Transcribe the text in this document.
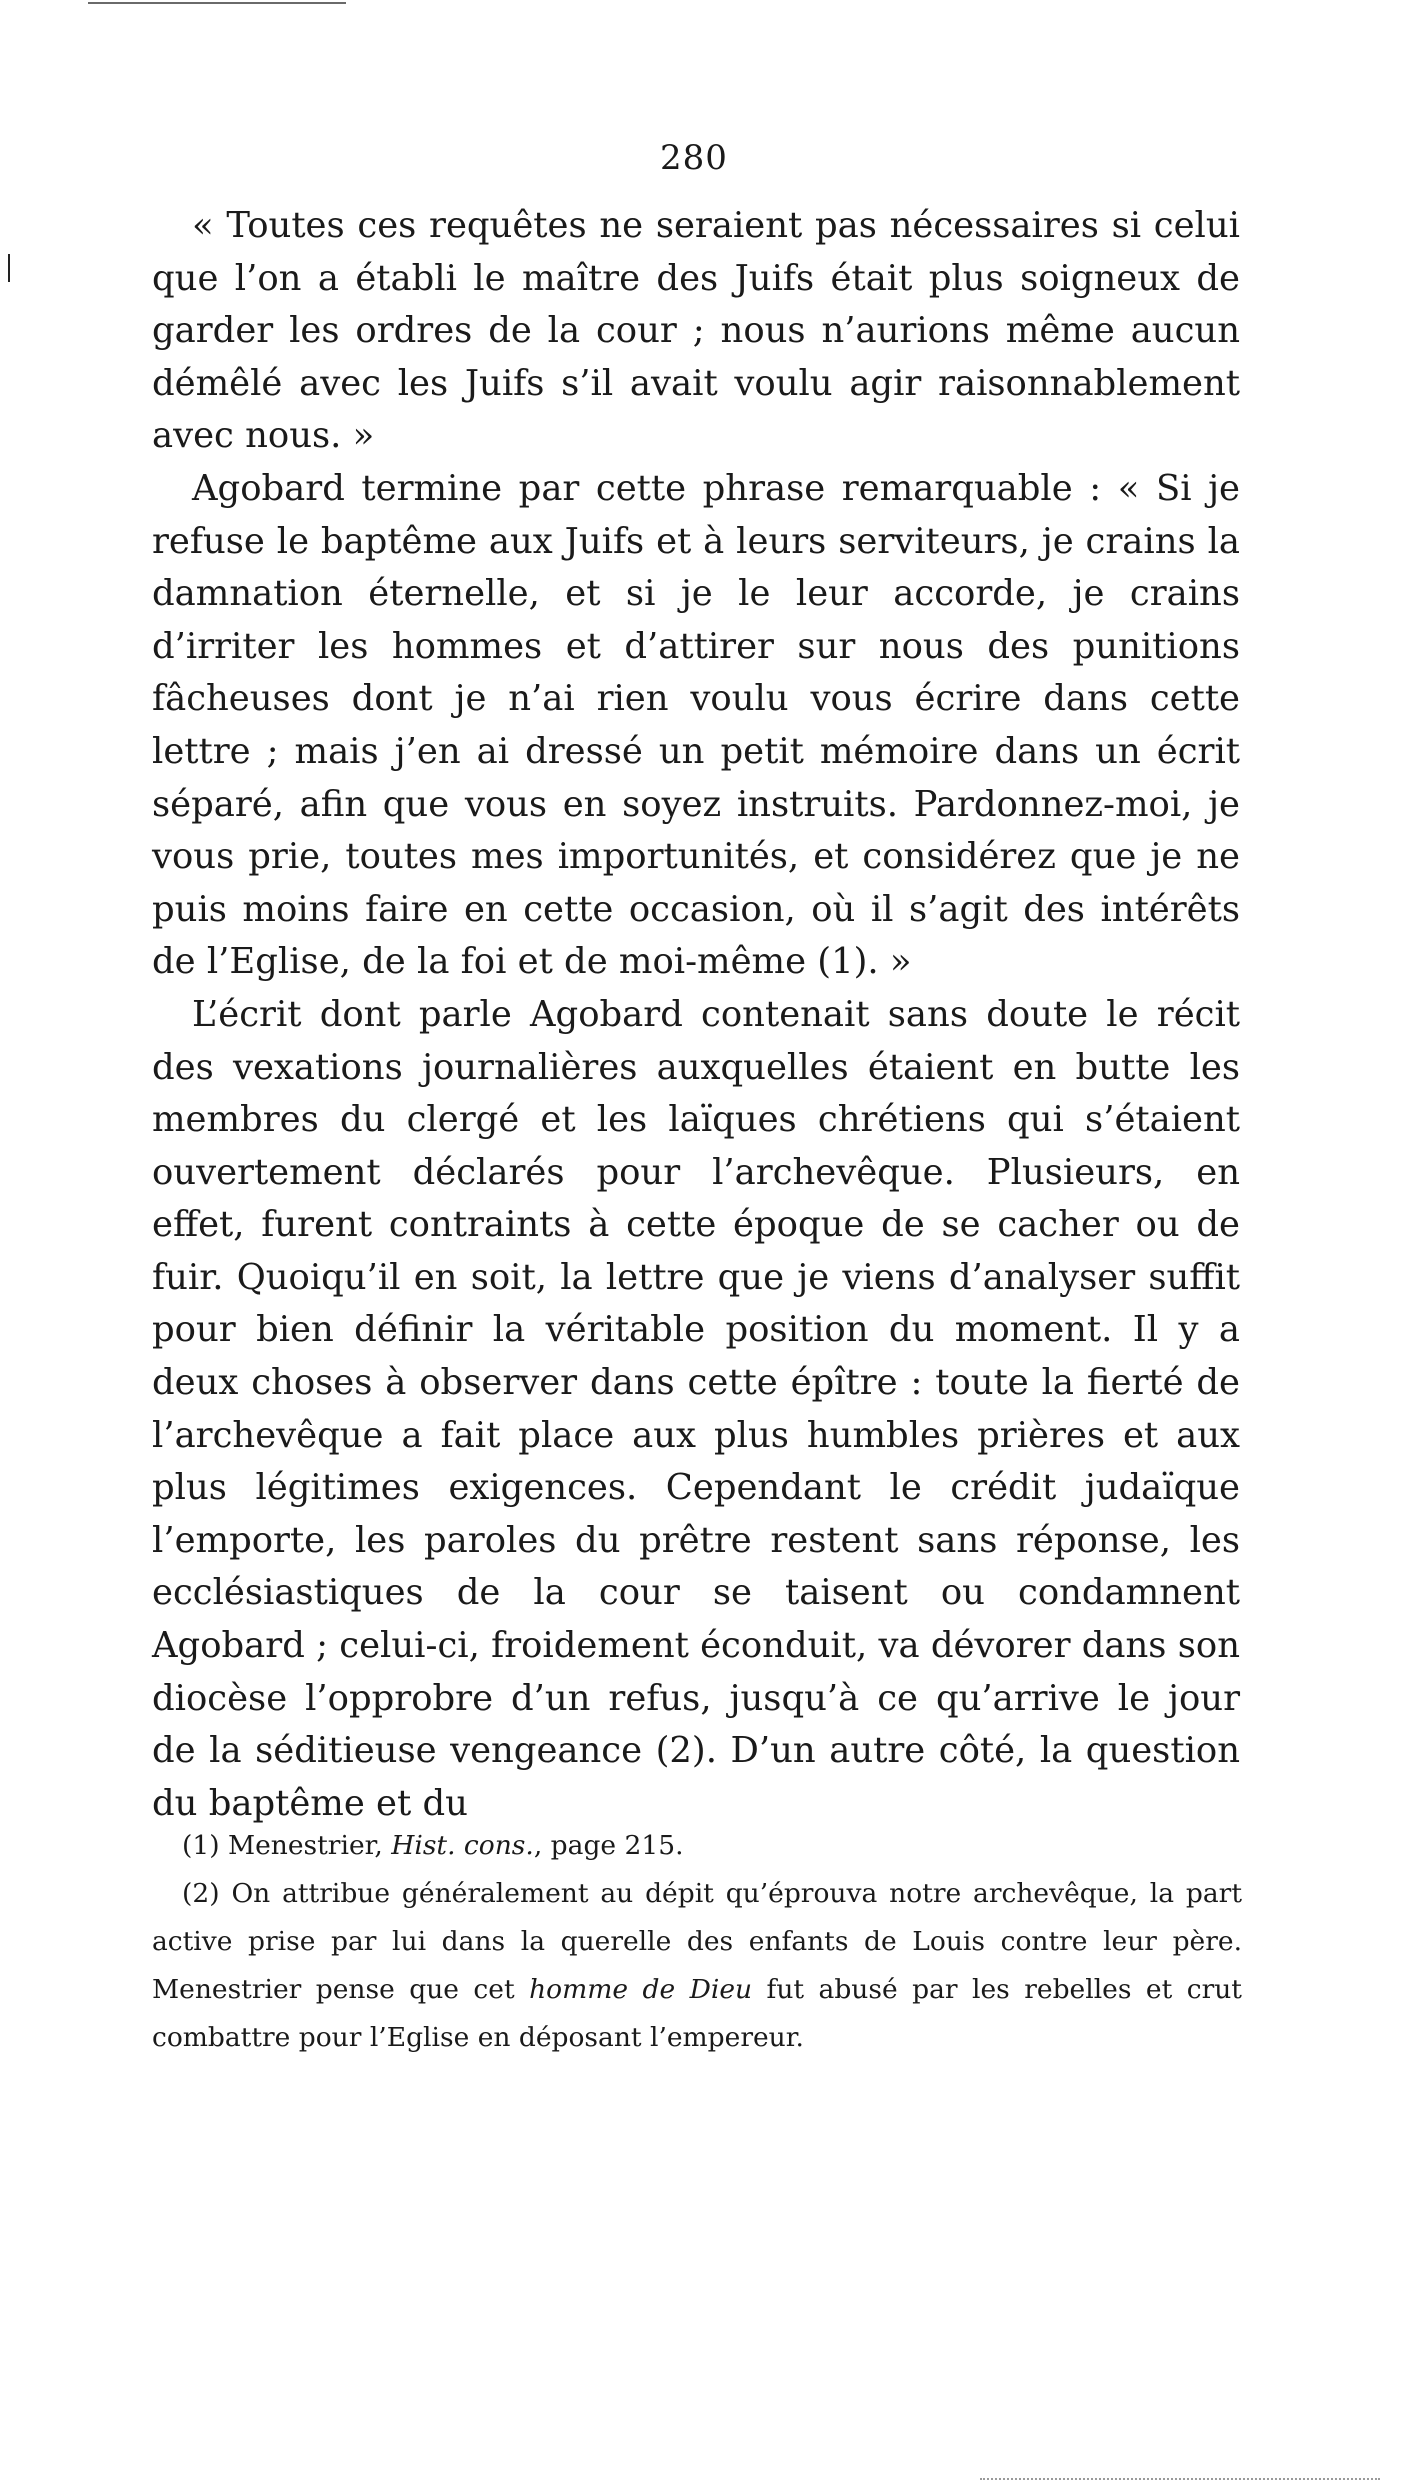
280

« Toutes ces requêtes ne seraient pas nécessaires si celui que l’on a établi le maître des Juifs était plus soigneux de garder les ordres de la cour ; nous n’aurions même aucun démêlé avec les Juifs s’il avait voulu agir raisonnablement avec nous. »

Agobard termine par cette phrase remarquable : « Si je refuse le baptême aux Juifs et à leurs serviteurs, je crains la damnation éternelle, et si je le leur accorde, je crains d’irriter les hommes et d’attirer sur nous des punitions fâcheuses dont je n’ai rien voulu vous écrire dans cette lettre ; mais j’en ai dressé un petit mémoire dans un écrit séparé, afin que vous en soyez instruits. Pardonnez-moi, je vous prie, toutes mes importunités, et considérez que je ne puis moins faire en cette occasion, où il s’agit des intérêts de l’Eglise, de la foi et de moi-même (1). »

L’écrit dont parle Agobard contenait sans doute le récit des vexations journalières auxquelles étaient en butte les membres du clergé et les laïques chrétiens qui s’étaient ouvertement déclarés pour l’archevêque. Plusieurs, en effet, furent contraints à cette époque de se cacher ou de fuir. Quoiqu’il en soit, la lettre que je viens d’analyser suffit pour bien définir la véritable position du moment. Il y a deux choses à observer dans cette épître : toute la fierté de l’archevêque a fait place aux plus humbles prières et aux plus légitimes exigences. Cependant le crédit judaïque l’emporte, les paroles du prêtre restent sans réponse, les ecclésiastiques de la cour se taisent ou condamnent Agobard ; celui-ci, froidement éconduit, va dévorer dans son diocèse l’opprobre d’un refus, jusqu’à ce qu’arrive le jour de la séditieuse vengeance (2). D’un autre côté, la question du baptême et du

(1) Menestrier, Hist. cons., page 215.

(2) On attribue généralement au dépit qu’éprouva notre archevêque, la part active prise par lui dans la querelle des enfants de Louis contre leur père. Menestrier pense que cet homme de Dieu fut abusé par les rebelles et crut combattre pour l’Eglise en déposant l’empereur.
